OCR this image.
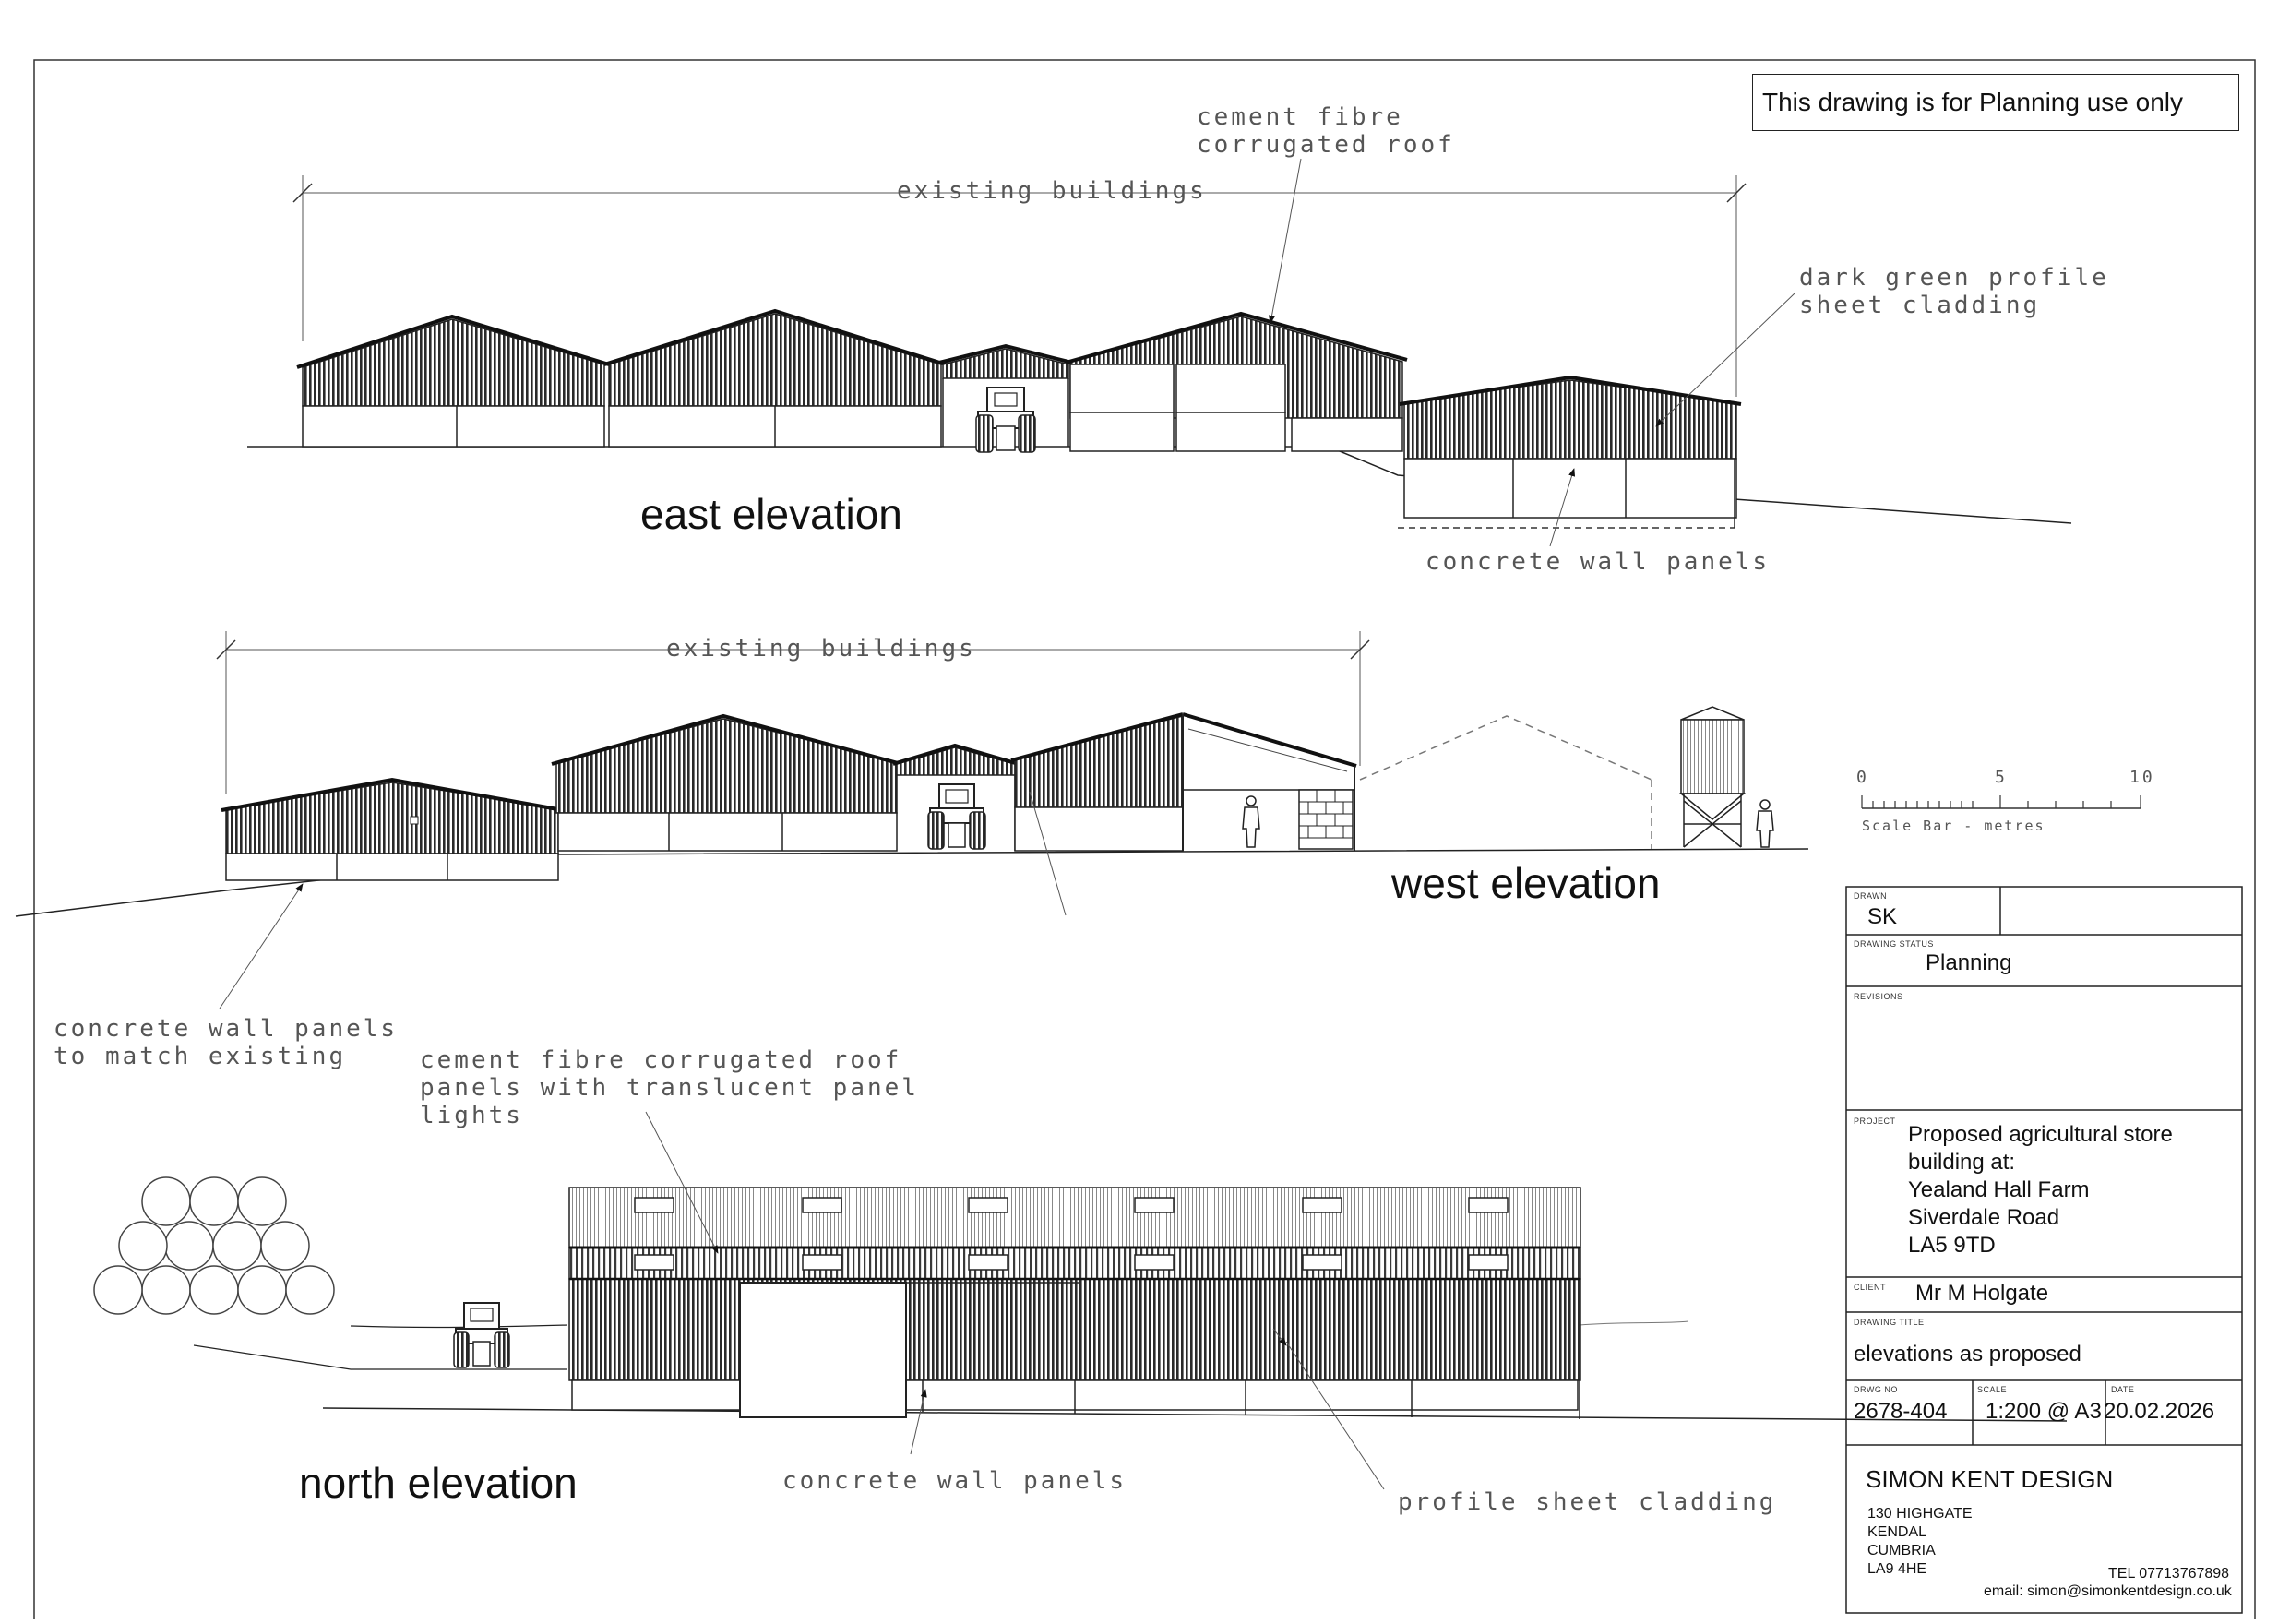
This drawing is for Planning use only
east elevation
west elevation
north elevation
existing buildings
cement fibre
corrugated roof
dark green profile
sheet cladding
concrete wall panels
existing buildings
concrete wall panels
to match existing	cement fibre corrugated roof
panels with translucent panel
lights
concrete wall panels
profile sheet cladding
0	5	10
Scale Bar - metres
DRAWN
SK
DRAWING STATUS
Planning
REVISIONS
PROJECT
Proposed agricultural store
building at:
Yealand Hall Farm
Siverdale Road
LA5 9TD
CLIENT Mr M Holgate
DRAWING TITLE
elevations as proposed
DRWG NO
2678-404
SCALE
1:200 @ A3
DATE
20.02.2026
SIMON KENT DESIGN
130 HIGHGATE
KENDAL
CUMBRIA
LA9 4HE	TEL 07713767898
email: simon@simonkentdesign.co.uk
